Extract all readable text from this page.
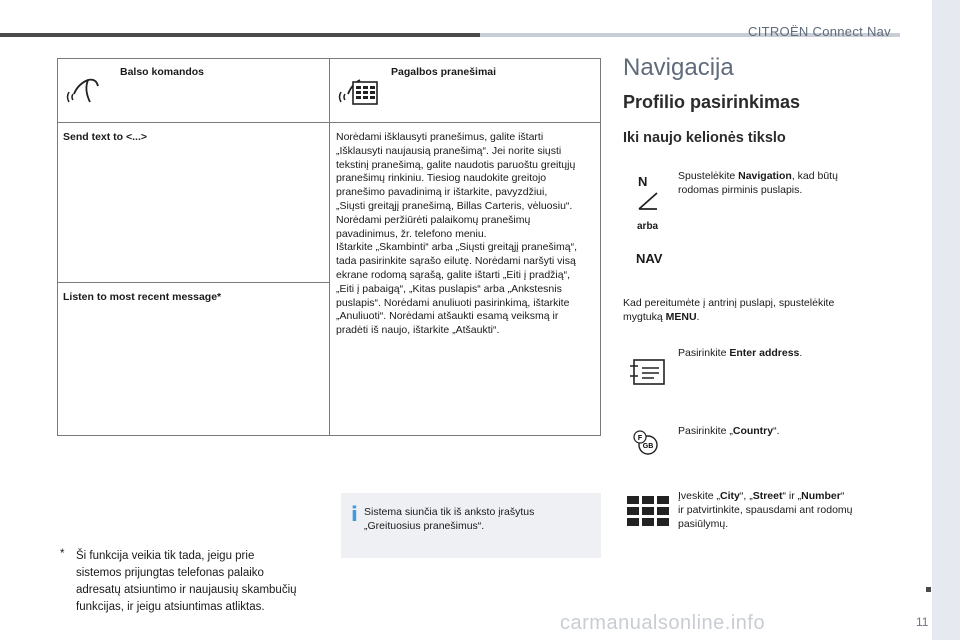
CITROËN Connect Nav
11
Balso komandos	Pagalbos pranešimai
Send text to <...>
Listen to most recent message*
Norėdami išklausyti pranešimus, galite ištarti
„Išklausyti naujausią pranešimą“. Jei norite siųsti
tekstinį pranešimą, galite naudotis paruoštu greitųjų
pranešimų rinkiniu. Tiesiog naudokite greitojo
pranešimo pavadinimą ir ištarkite, pavyzdžiui,
„Siųsti greitąjį pranešimą, Billas Carteris, vėluosiu“.
Norėdami peržiūrėti palaikomų pranešimų
pavadinimus, žr. telefono meniu.
Ištarkite „Skambinti“ arba „Siųsti greitąjį pranešimą“,
tada pasirinkite sąrašo eilutę. Norėdami naršyti visą
ekrane rodomą sąrašą, galite ištarti „Eiti į pradžią“,
„Eiti į pabaigą“, „Kitas puslapis“ arba „Ankstesnis
puslapis“. Norėdami anuliuoti pasirinkimą, ištarkite
„Anuliuoti“. Norėdami atšaukti esamą veiksmą ir
pradėti iš naujo, ištarkite „Atšaukti“.
i Sistema siunčia tik iš anksto įrašytus
„Greituosius pranešimus“.
* Ši funkcija veikia tik tada, jeigu prie
sistemos prijungtas telefonas palaiko
adresatų atsiuntimo ir naujausių skambučių
funkcijas, ir jeigu atsiuntimas atliktas.
Navigacija
Profilio pasirinkimas
Iki naujo kelionės tikslo
N
arba
NAV
Spustelėkite Navigation, kad būtų
rodomas pirminis puslapis.
Kad pereitumėte į antrinį puslapį, spustelėkite
mygtuką MENU.
Pasirinkite Enter address.
F
GB
Pasirinkite „Country“.
Įveskite „City“, „Street“ ir „Number“
ir patvirtinkite, spausdami ant rodomų
pasiūlymų.
carmanualsonline.info
